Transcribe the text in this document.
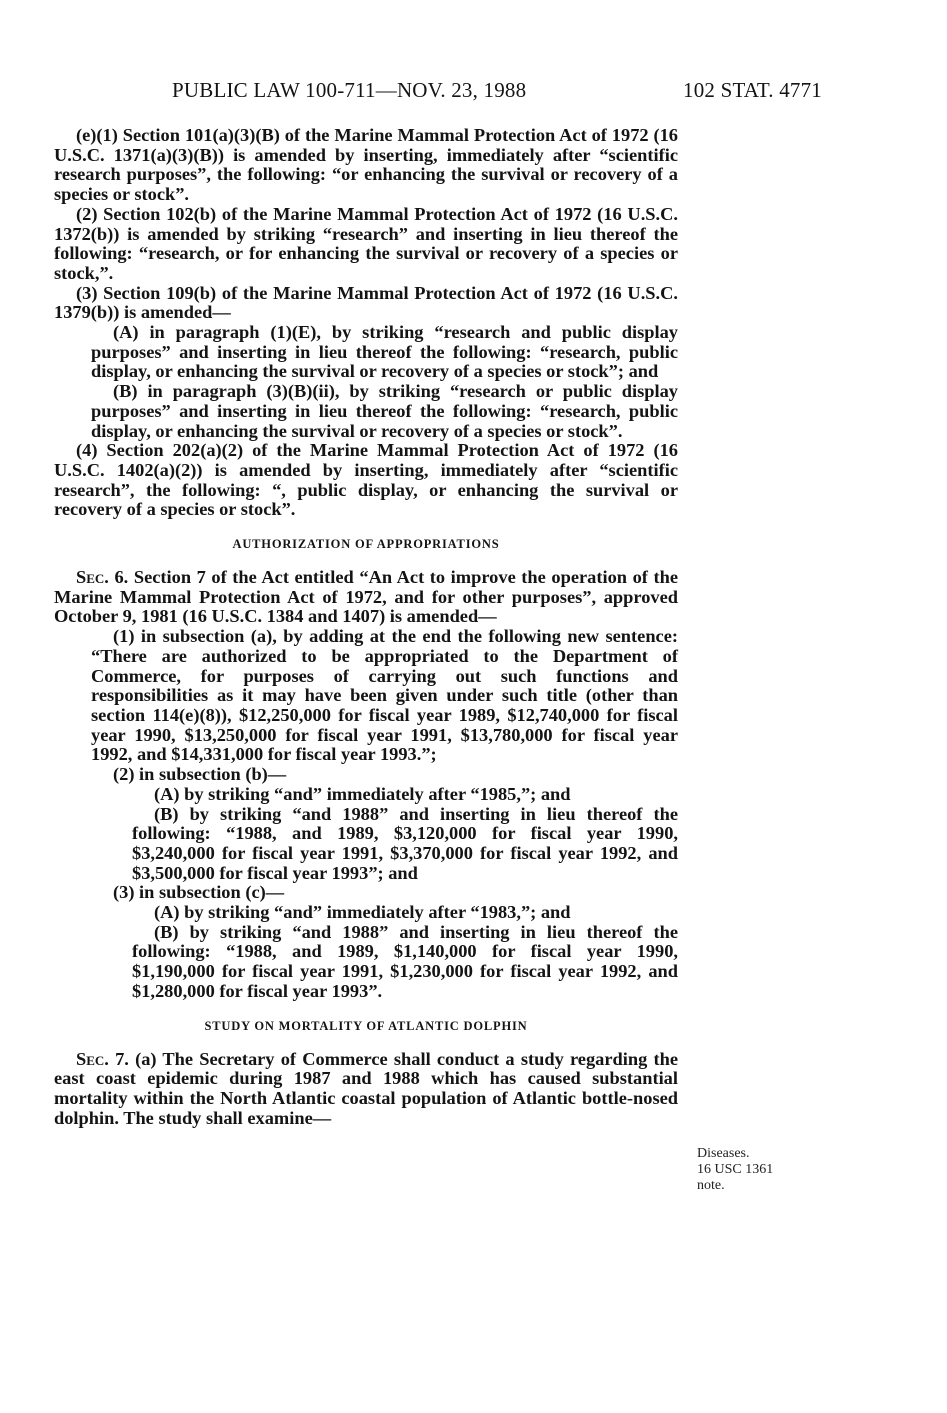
PUBLIC LAW 100-711—NOV. 23, 1988	102 STAT. 4771

(e)(1) Section 101(a)(3)(B) of the Marine Mammal Protection Act of 1972 (16 U.S.C. 1371(a)(3)(B)) is amended by inserting, immediately after “scientific research purposes”, the following: “or enhancing the survival or recovery of a species or stock”.

(2) Section 102(b) of the Marine Mammal Protection Act of 1972 (16 U.S.C. 1372(b)) is amended by striking “research” and inserting in lieu thereof the following: “research, or for enhancing the survival or recovery of a species or stock,”.

(3) Section 109(b) of the Marine Mammal Protection Act of 1972 (16 U.S.C. 1379(b)) is amended—

(A) in paragraph (1)(E), by striking “research and public display purposes” and inserting in lieu thereof the following: “research, public display, or enhancing the survival or recovery of a species or stock”; and

(B) in paragraph (3)(B)(ii), by striking “research or public display purposes” and inserting in lieu thereof the following: “research, public display, or enhancing the survival or recovery of a species or stock”.

(4) Section 202(a)(2) of the Marine Mammal Protection Act of 1972 (16 U.S.C. 1402(a)(2)) is amended by inserting, immediately after “scientific research”, the following: “, public display, or enhancing the survival or recovery of a species or stock”.

AUTHORIZATION OF APPROPRIATIONS

Sec. 6. Section 7 of the Act entitled “An Act to improve the operation of the Marine Mammal Protection Act of 1972, and for other purposes”, approved October 9, 1981 (16 U.S.C. 1384 and 1407) is amended—

(1) in subsection (a), by adding at the end the following new sentence: “There are authorized to be appropriated to the Department of Commerce, for purposes of carrying out such functions and responsibilities as it may have been given under such title (other than section 114(e)(8)), $12,250,000 for fiscal year 1989, $12,740,000 for fiscal year 1990, $13,250,000 for fiscal year 1991, $13,780,000 for fiscal year 1992, and $14,331,000 for fiscal year 1993.”;

(2) in subsection (b)—

(A) by striking “and” immediately after “1985,”; and

(B) by striking “and 1988” and inserting in lieu thereof the following: “1988, and 1989, $3,120,000 for fiscal year 1990, $3,240,000 for fiscal year 1991, $3,370,000 for fiscal year 1992, and $3,500,000 for fiscal year 1993”; and

(3) in subsection (c)—

(A) by striking “and” immediately after “1983,”; and

(B) by striking “and 1988” and inserting in lieu thereof the following: “1988, and 1989, $1,140,000 for fiscal year 1990, $1,190,000 for fiscal year 1991, $1,230,000 for fiscal year 1992, and $1,280,000 for fiscal year 1993”.

STUDY ON MORTALITY OF ATLANTIC DOLPHIN

Sec. 7. (a) The Secretary of Commerce shall conduct a study regarding the east coast epidemic during 1987 and 1988 which has caused substantial mortality within the North Atlantic coastal population of Atlantic bottle-nosed dolphin. The study shall examine—

Diseases.
16 USC 1361
note.
